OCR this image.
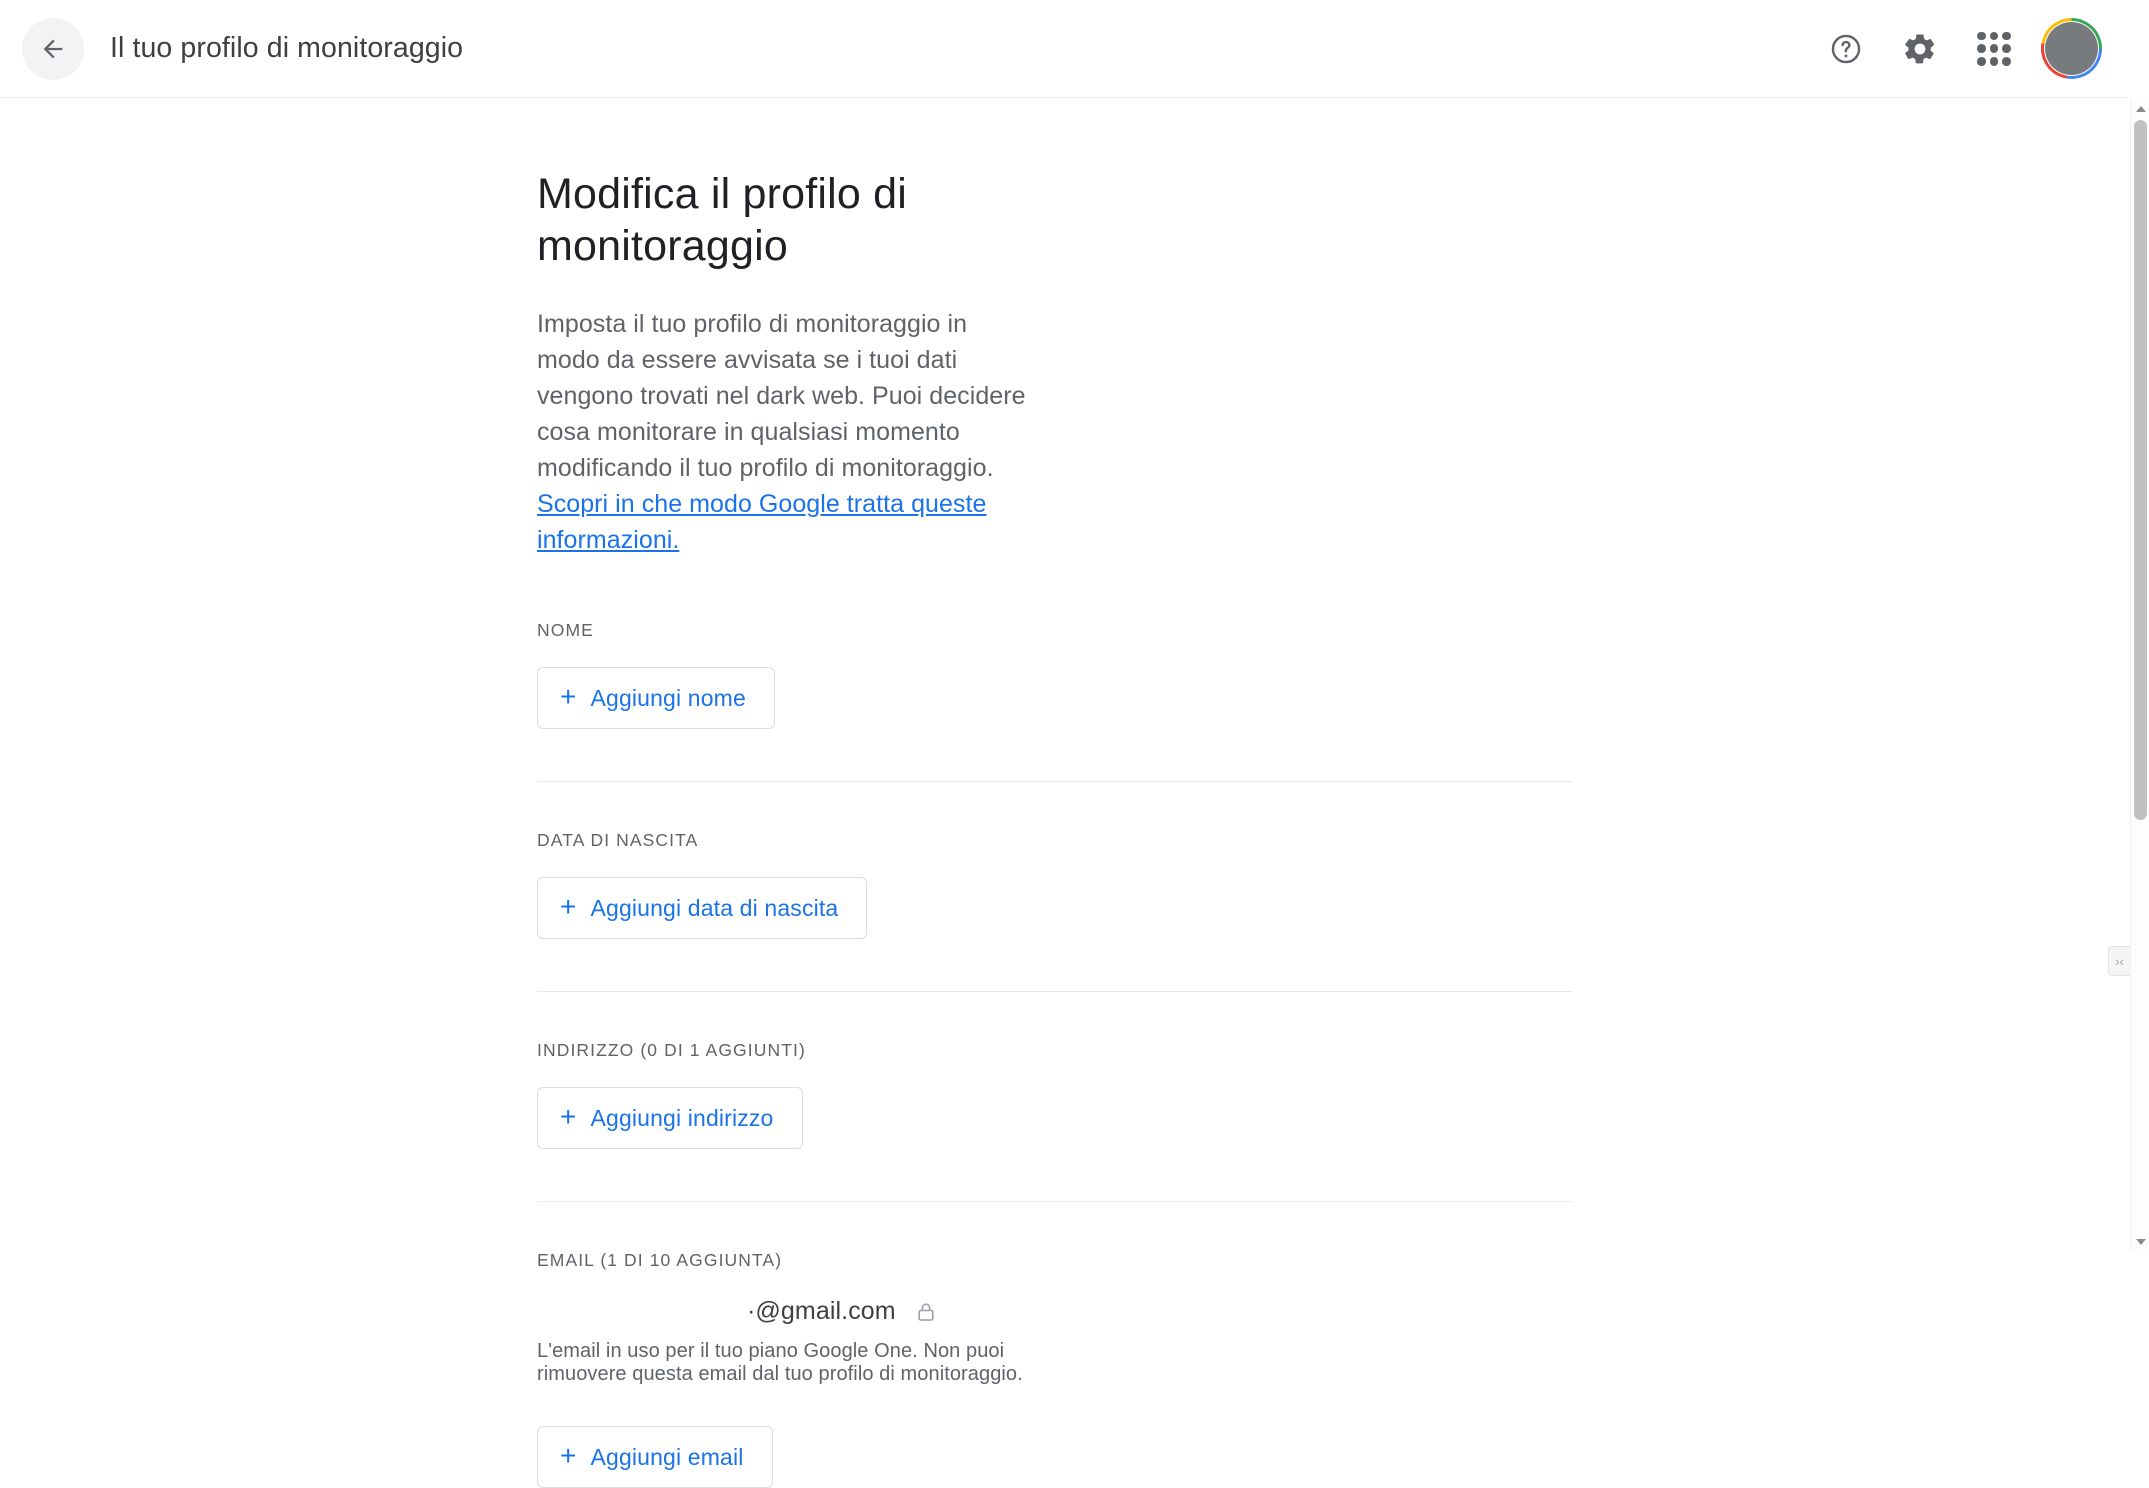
Il tuo profilo di monitoraggio
Modifica il profilo di monitoraggio

Imposta il tuo profilo di monitoraggio in modo da essere avvisata se i tuoi dati vengono trovati nel dark web. Puoi decidere cosa monitorare in qualsiasi momento modificando il tuo profilo di monitoraggio. Scopri in che modo Google tratta queste informazioni.

NOME
+ Aggiungi nome
DATA DI NASCITA
+ Aggiungi data di nascita
INDIRIZZO (0 DI 1 AGGIUNTI)
+ Aggiungi indirizzo
EMAIL (1 DI 10 AGGIUNTA)
·@gmail.com
L'email in uso per il tuo piano Google One. Non puoi rimuovere questa email dal tuo profilo di monitoraggio.
+ Aggiungi email
›‹
